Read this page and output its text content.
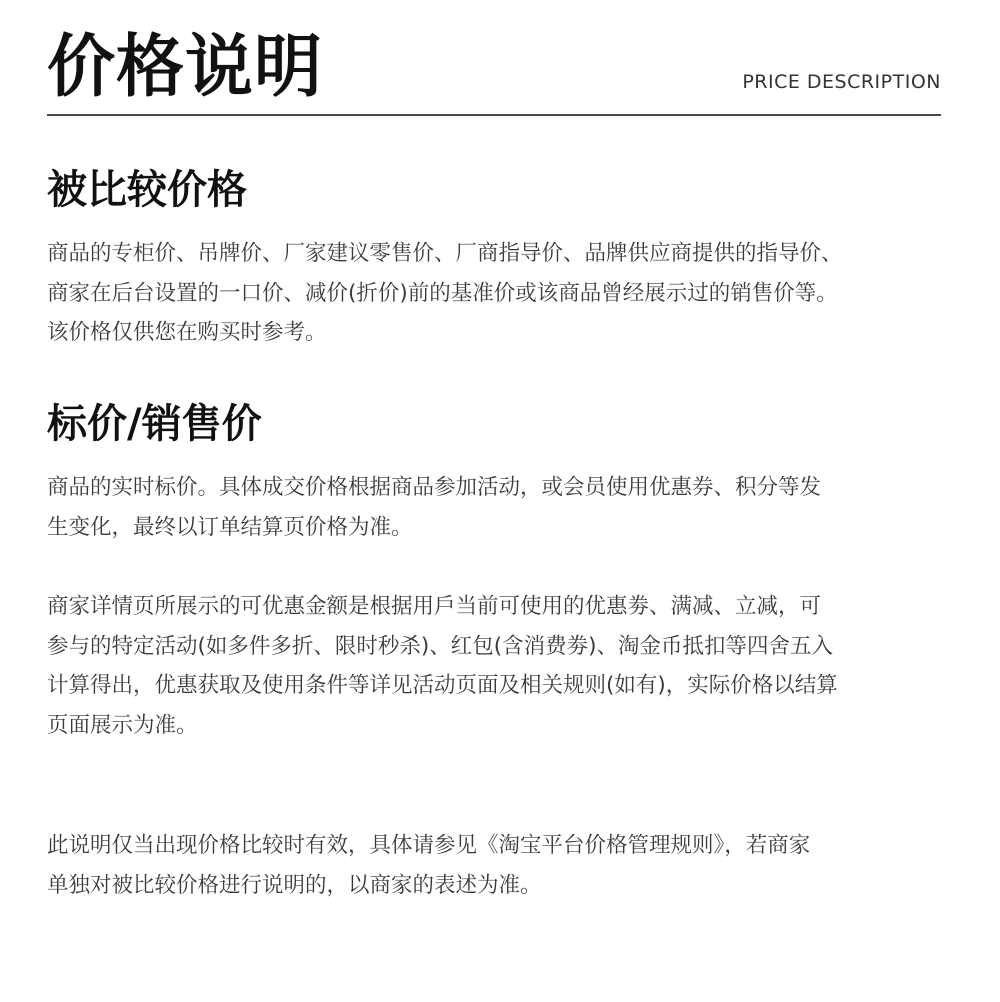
价格说明	PRICE DESCRIPTION
被比较价格

商品的专柜价、吊牌价、厂家建议零售价、厂商指导价、品牌供应商提供的指导价、
商家在后台设置的一口价、减价(折价)前的基准价或该商品曾经展示过的销售价等。
该价格仅供您在购买时参考。

标价/销售价

商品的实时标价。具体成交价格根据商品参加活动，或会员使用优惠券、积分等发
生变化，最终以订单结算页价格为准。

商家详情页所展示的可优惠金额是根据用戶当前可使用的优惠劵、满减、立减，可
参与的特定活动(如多件多折、限时秒杀)、红包(含消费劵)、淘金币抵扣等四舍五入
计算得出，优惠获取及使用条件等详见活动页面及相关规则(如有)，实际价格以结算
页面展示为准。

此说明仅当出现价格比较时有效，具体请参见《淘宝平台价格管理规则》，若商家
单独对被比较价格进行说明的，以商家的表述为准。
